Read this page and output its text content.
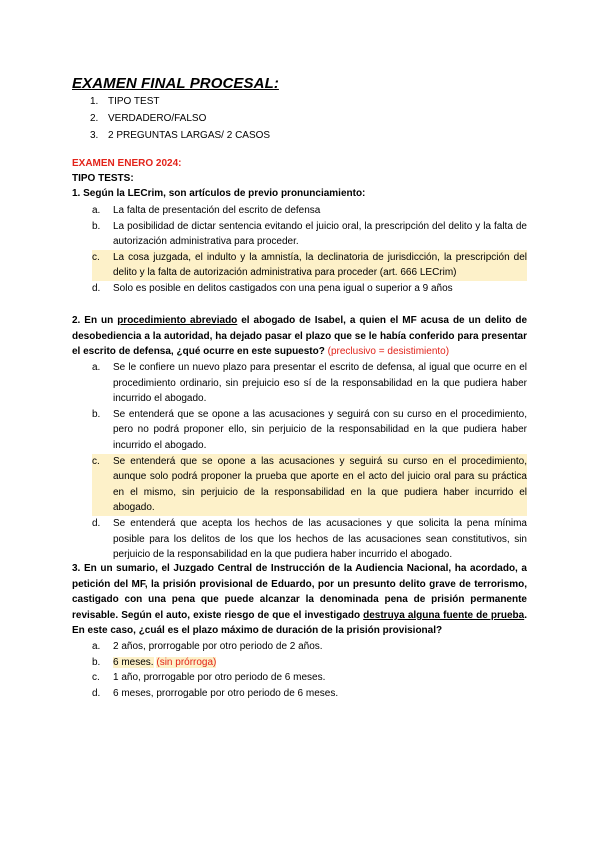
EXAMEN FINAL PROCESAL:
1. TIPO TEST
2. VERDADERO/FALSO
3. 2 PREGUNTAS LARGAS/ 2 CASOS
EXAMEN ENERO 2024:
TIPO TESTS:
1. Según la LECrim, son artículos de previo pronunciamiento:
a. La falta de presentación del escrito de defensa
b. La posibilidad de dictar sentencia evitando el juicio oral, la prescripción del delito y la falta de autorización administrativa para proceder.
c. La cosa juzgada, el indulto y la amnistía, la declinatoria de jurisdicción, la prescripción del delito y la falta de autorización administrativa para proceder (art. 666 LECrim)
d. Solo es posible en delitos castigados con una pena igual o superior a 9 años
2. En un procedimiento abreviado el abogado de Isabel, a quien el MF acusa de un delito de desobediencia a la autoridad, ha dejado pasar el plazo que se le había conferido para presentar el escrito de defensa, ¿qué ocurre en este supuesto? (preclusivo = desistimiento)
a. Se le confiere un nuevo plazo para presentar el escrito de defensa, al igual que ocurre en el procedimiento ordinario, sin prejuicio eso sí de la responsabilidad en la que pudiera haber incurrido el abogado.
b. Se entenderá que se opone a las acusaciones y seguirá con su curso en el procedimiento, pero no podrá proponer ello, sin perjuicio de la responsabilidad en la que pudiera haber incurrido el abogado.
c. Se entenderá que se opone a las acusaciones y seguirá su curso en el procedimiento, aunque solo podrá proponer la prueba que aporte en el acto del juicio oral para su práctica en el mismo, sin perjuicio de la responsabilidad en la que pudiera haber incurrido el abogado.
d. Se entenderá que acepta los hechos de las acusaciones y que solicita la pena mínima posible para los delitos de los que los hechos de las acusaciones sean constitutivos, sin perjuicio de la responsabilidad en la que pudiera haber incurrido el abogado.
3. En un sumario, el Juzgado Central de Instrucción de la Audiencia Nacional, ha acordado, a petición del MF, la prisión provisional de Eduardo, por un presunto delito grave de terrorismo, castigado con una pena que puede alcanzar la denominada pena de prisión permanente revisable. Según el auto, existe riesgo de que el investigado destruya alguna fuente de prueba. En este caso, ¿cuál es el plazo máximo de duración de la prisión provisional?
a. 2 años, prorrogable por otro periodo de 2 años.
b. 6 meses. (sin prórroga)
c. 1 año, prorrogable por otro periodo de 6 meses.
d. 6 meses, prorrogable por otro periodo de 6 meses.
